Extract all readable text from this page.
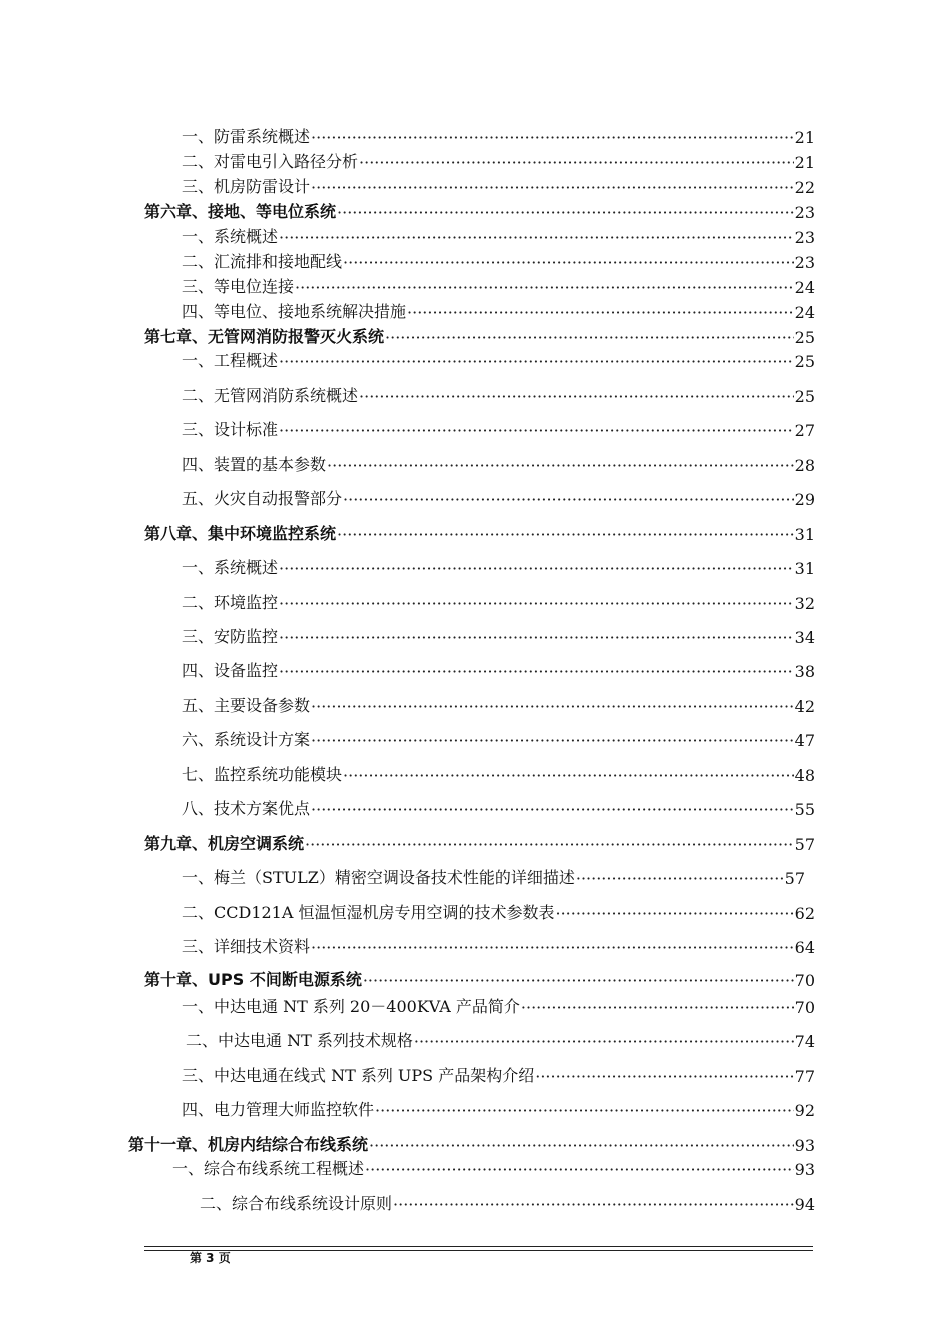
一、防雷系统概述 ·····	21
二、对雷电引入路径分析 ·····	21
三、机房防雷设计 ·····	22
第六章、接地、等电位系统 ·····	23
一、系统概述 ·····	23
二、汇流排和接地配线 ·····	23
三、等电位连接 ·····	24
四、等电位、接地系统解决措施 ·····	24
第七章、无管网消防报警灭火系统 ·····	25
一、工程概述 ·····	25
二、无管网消防系统概述 ·····	25
三、设计标准 ·····	27
四、装置的基本参数 ·····	28
五、火灾自动报警部分 ·····	29
第八章、集中环境监控系统 ·····	31
一、系统概述 ·····	31
二、环境监控 ·····	32
三、安防监控 ·····	34
四、设备监控 ·····	38
五、主要设备参数 ·····	42
六、系统设计方案 ·····	47
七、监控系统功能模块 ·····	48
八、技术方案优点 ·····	55
第九章、机房空调系统 ·····	57
一、梅兰（STULZ）精密空调设备技术性能的详细描述 ·····	57
二、CCD121A 恒温恒湿机房专用空调的技术参数表 ·····	62
三、详细技术资料 ·····	64
第十章、UPS 不间断电源系统 ·····	70
一、中达电通 NT 系列 20－400KVA 产品简介 ·····	70
二、中达电通 NT 系列技术规格 ·····	74
三、中达电通在线式 NT 系列 UPS 产品架构介绍 ·····	77
四、电力管理大师监控软件 ·····	92
第十一章、机房内结综合布线系统 ·····	93
一、综合布线系统工程概述 ·····	93
二、综合布线系统设计原则 ·····	94
第 3 页
